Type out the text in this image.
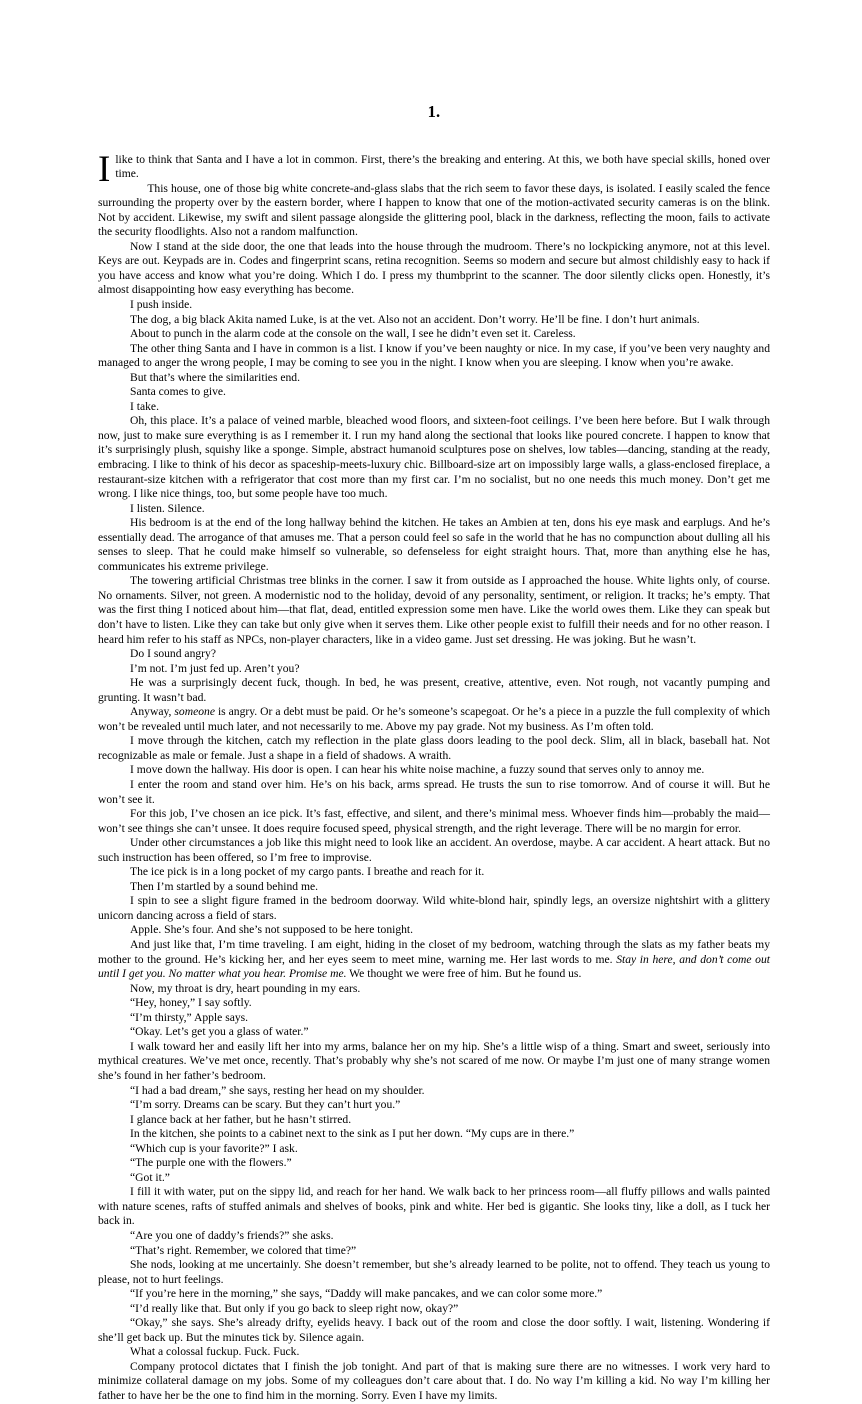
1.

Ilike to think that Santa and I have a lot in common. First, there’s the breaking and entering. At this, we both have special skills, honed over time.

This house, one of those big white concrete-and-glass slabs that the rich seem to favor these days, is isolated. I easily scaled the fence surrounding the property over by the eastern border, where I happen to know that one of the motion-activated security cameras is on the blink. Not by accident. Likewise, my swift and silent passage alongside the glittering pool, black in the darkness, reflecting the moon, fails to activate the security floodlights. Also not a random malfunction.

Now I stand at the side door, the one that leads into the house through the mudroom. There’s no lockpicking anymore, not at this level. Keys are out. Keypads are in. Codes and fingerprint scans, retina recognition. Seems so modern and secure but almost childishly easy to hack if you have access and know what you’re doing. Which I do. I press my thumbprint to the scanner. The door silently clicks open. Honestly, it’s almost disappointing how easy everything has become.

I push inside.

The dog, a big black Akita named Luke, is at the vet. Also not an accident. Don’t worry. He’ll be fine. I don’t hurt animals.

About to punch in the alarm code at the console on the wall, I see he didn’t even set it. Careless.

The other thing Santa and I have in common is a list. I know if you’ve been naughty or nice. In my case, if you’ve been very naughty and managed to anger the wrong people, I may be coming to see you in the night. I know when you are sleeping. I know when you’re awake.

But that’s where the similarities end.

Santa comes to give.

I take.

Oh, this place. It’s a palace of veined marble, bleached wood floors, and sixteen-foot ceilings. I’ve been here before. But I walk through now, just to make sure everything is as I remember it. I run my hand along the sectional that looks like poured concrete. I happen to know that it’s surprisingly plush, squishy like a sponge. Simple, abstract humanoid sculptures pose on shelves, low tables—dancing, standing at the ready, embracing. I like to think of his decor as spaceship-meets-luxury chic. Billboard-size art on impossibly large walls, a glass-enclosed fireplace, a restaurant-size kitchen with a refrigerator that cost more than my first car. I’m no socialist, but no one needs this much money. Don’t get me wrong. I like nice things, too, but some people have too much.

I listen. Silence.

His bedroom is at the end of the long hallway behind the kitchen. He takes an Ambien at ten, dons his eye mask and earplugs. And he’s essentially dead. The arrogance of that amuses me. That a person could feel so safe in the world that he has no compunction about dulling all his senses to sleep. That he could make himself so vulnerable, so defenseless for eight straight hours. That, more than anything else he has, communicates his extreme privilege.

The towering artificial Christmas tree blinks in the corner. I saw it from outside as I approached the house. White lights only, of course. No ornaments. Silver, not green. A modernistic nod to the holiday, devoid of any personality, sentiment, or religion. It tracks; he’s empty. That was the first thing I noticed about him—that flat, dead, entitled expression some men have. Like the world owes them. Like they can speak but don’t have to listen. Like they can take but only give when it serves them. Like other people exist to fulfill their needs and for no other reason. I heard him refer to his staff as NPCs, non-player characters, like in a video game. Just set dressing. He was joking. But he wasn’t.

Do I sound angry?

I’m not. I’m just fed up. Aren’t you?

He was a surprisingly decent fuck, though. In bed, he was present, creative, attentive, even. Not rough, not vacantly pumping and grunting. It wasn’t bad.

Anyway, someone is angry. Or a debt must be paid. Or he’s someone’s scapegoat. Or he’s a piece in a puzzle the full complexity of which won’t be revealed until much later, and not necessarily to me. Above my pay grade. Not my business. As I’m often told.

I move through the kitchen, catch my reflection in the plate glass doors leading to the pool deck. Slim, all in black, baseball hat. Not recognizable as male or female. Just a shape in a field of shadows. A wraith.

I move down the hallway. His door is open. I can hear his white noise machine, a fuzzy sound that serves only to annoy me.

I enter the room and stand over him. He’s on his back, arms spread. He trusts the sun to rise tomorrow. And of course it will. But he won’t see it.

For this job, I’ve chosen an ice pick. It’s fast, effective, and silent, and there’s minimal mess. Whoever finds him—probably the maid—won’t see things she can’t unsee. It does require focused speed, physical strength, and the right leverage. There will be no margin for error.

Under other circumstances a job like this might need to look like an accident. An overdose, maybe. A car accident. A heart attack. But no such instruction has been offered, so I’m free to improvise.

The ice pick is in a long pocket of my cargo pants. I breathe and reach for it.

Then I’m startled by a sound behind me.

I spin to see a slight figure framed in the bedroom doorway. Wild white-blond hair, spindly legs, an oversize nightshirt with a glittery unicorn dancing across a field of stars.

Apple. She’s four. And she’s not supposed to be here tonight.

And just like that, I’m time traveling. I am eight, hiding in the closet of my bedroom, watching through the slats as my father beats my mother to the ground. He’s kicking her, and her eyes seem to meet mine, warning me. Her last words to me. Stay in here, and don’t come out until I get you. No matter what you hear. Promise me. We thought we were free of him. But he found us.

Now, my throat is dry, heart pounding in my ears.

“Hey, honey,” I say softly.

“I’m thirsty,” Apple says.

“Okay. Let’s get you a glass of water.”

I walk toward her and easily lift her into my arms, balance her on my hip. She’s a little wisp of a thing. Smart and sweet, seriously into mythical creatures. We’ve met once, recently. That’s probably why she’s not scared of me now. Or maybe I’m just one of many strange women she’s found in her father’s bedroom.

“I had a bad dream,” she says, resting her head on my shoulder.

“I’m sorry. Dreams can be scary. But they can’t hurt you.”

I glance back at her father, but he hasn’t stirred.

In the kitchen, she points to a cabinet next to the sink as I put her down. “My cups are in there.”

“Which cup is your favorite?” I ask.

“The purple one with the flowers.”

“Got it.”

I fill it with water, put on the sippy lid, and reach for her hand. We walk back to her princess room—all fluffy pillows and walls painted with nature scenes, rafts of stuffed animals and shelves of books, pink and white. Her bed is gigantic. She looks tiny, like a doll, as I tuck her back in.

“Are you one of daddy’s friends?” she asks.

“That’s right. Remember, we colored that time?”

She nods, looking at me uncertainly. She doesn’t remember, but she’s already learned to be polite, not to offend. They teach us young to please, not to hurt feelings.

“If you’re here in the morning,” she says, “Daddy will make pancakes, and we can color some more.”

“I’d really like that. But only if you go back to sleep right now, okay?”

“Okay,” she says. She’s already drifty, eyelids heavy. I back out of the room and close the door softly. I wait, listening. Wondering if she’ll get back up. But the minutes tick by. Silence again.

What a colossal fuckup. Fuck. Fuck.

Company protocol dictates that I finish the job tonight. And part of that is making sure there are no witnesses. I work very hard to minimize collateral damage on my jobs. Some of my colleagues don’t care about that. I do. No way I’m killing a kid. No way I’m killing her father to have her be the one to find him in the morning. Sorry. Even I have my limits.
